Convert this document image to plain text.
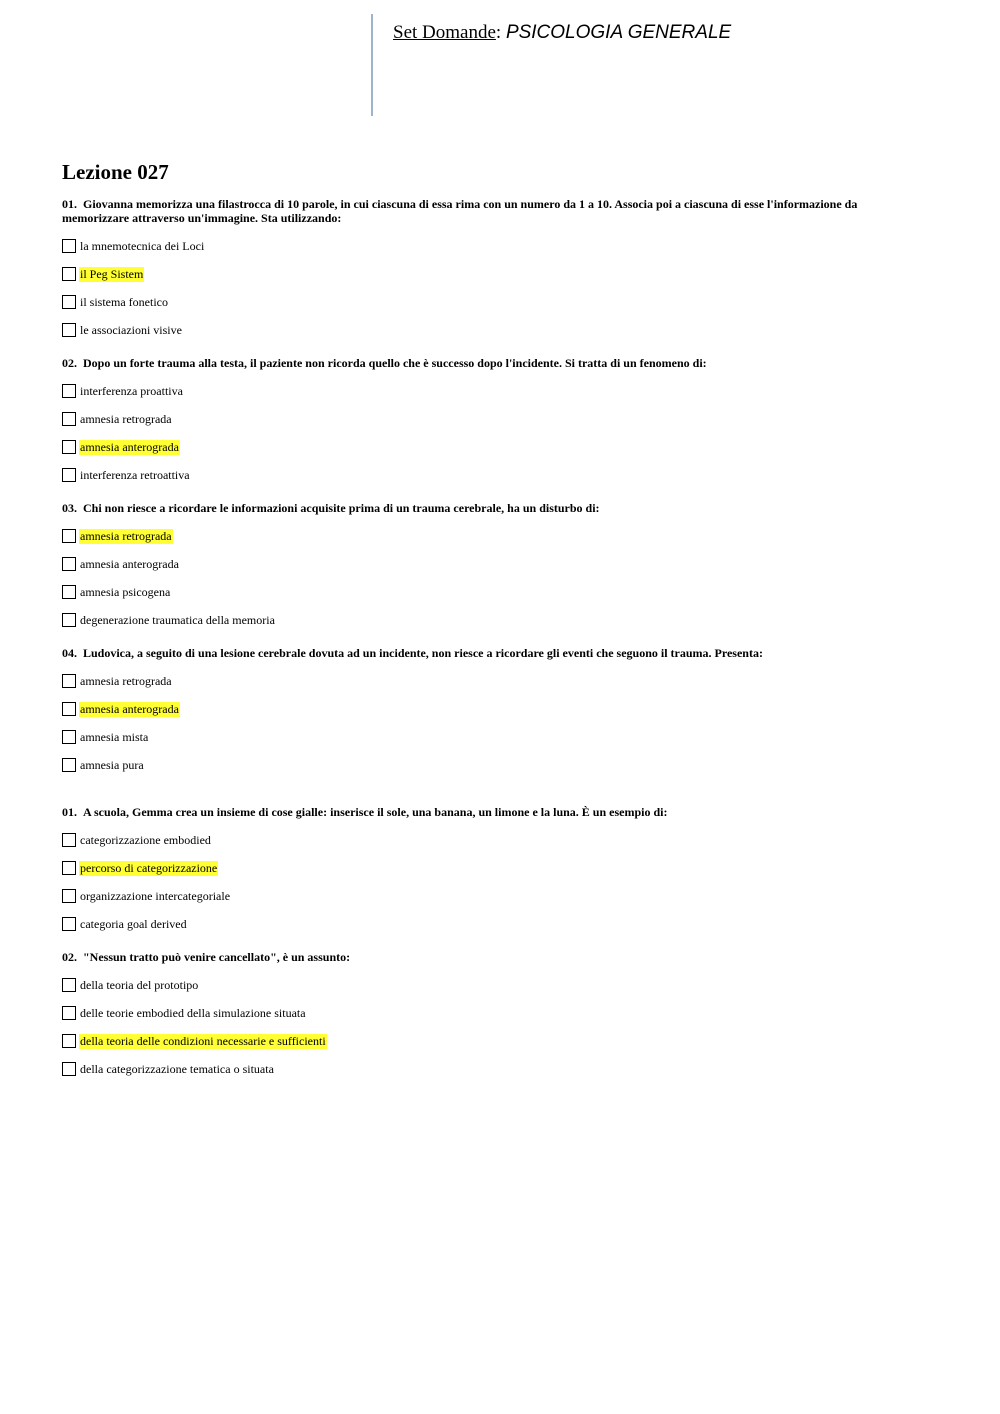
Set Domande: PSICOLOGIA GENERALE
Lezione 027

01. Giovanna memorizza una filastrocca di 10 parole, in cui ciascuna di essa rima con un numero da 1 a 10. Associa poi a ciascuna di esse l'informazione da memorizzare attraverso un'immagine. Sta utilizzando:

la mnemotecnica dei Loci
il Peg Sistem
il sistema fonetico
le associazioni visive

02. Dopo un forte trauma alla testa, il paziente non ricorda quello che è successo dopo l'incidente. Si tratta di un fenomeno di:

interferenza proattiva
amnesia retrograda
amnesia anterograda
interferenza retroattiva

03. Chi non riesce a ricordare le informazioni acquisite prima di un trauma cerebrale, ha un disturbo di:

amnesia retrograda
amnesia anterograda
amnesia psicogena
degenerazione traumatica della memoria

04. Ludovica, a seguito di una lesione cerebrale dovuta ad un incidente, non riesce a ricordare gli eventi che seguono il trauma. Presenta:

amnesia retrograda
amnesia anterograda
amnesia mista
amnesia pura

01. A scuola, Gemma crea un insieme di cose gialle: inserisce il sole, una banana, un limone e la luna. È un esempio di:

categorizzazione embodied
percorso di categorizzazione
organizzazione intercategoriale
categoria goal derived

02. "Nessun tratto può venire cancellato", è un assunto:

della teoria del prototipo
delle teorie embodied della simulazione situata
della teoria delle condizioni necessarie e sufficienti
della categorizzazione tematica o situata
